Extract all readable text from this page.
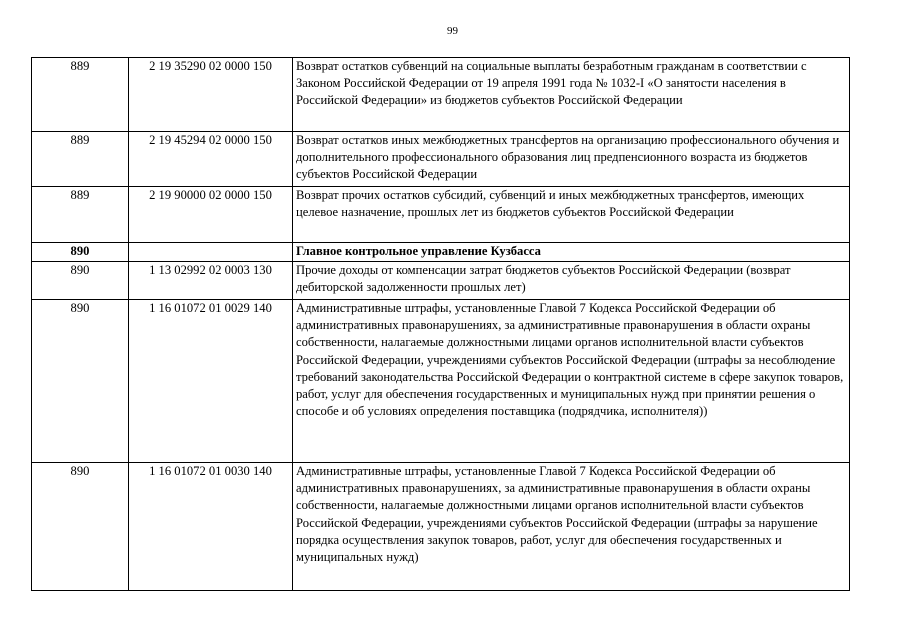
99
889	2 19 35290 02 0000 150	Возврат остатков субвенций на социальные выплаты безработным гражданам в соответствии с Законом Российской Федерации от 19 апреля 1991 года № 1032-I «О занятости населения в Российской Федерации» из бюджетов субъектов Российской Федерации
889	2 19 45294 02 0000 150	Возврат остатков иных межбюджетных трансфертов на организацию профессионального обучения и дополнительного профессионального образования лиц предпенсионного возраста из бюджетов субъектов Российской Федерации
889	2 19 90000 02 0000 150	Возврат прочих остатков субсидий, субвенций и иных межбюджетных трансфертов, имеющих целевое назначение, прошлых лет из бюджетов субъектов Российской Федерации
890		Главное контрольное управление Кузбасса
890	1 13 02992 02 0003 130	Прочие доходы от компенсации затрат бюджетов субъектов Российской Федерации (возврат дебиторской задолженности прошлых лет)
890	1 16 01072 01 0029 140	Административные штрафы, установленные Главой 7 Кодекса Российской Федерации об административных правонарушениях, за административные правонарушения в области охраны собственности, налагаемые должностными лицами органов исполнительной власти субъектов Российской Федерации, учреждениями субъектов Российской Федерации (штрафы за несоблюдение требований законодательства Российской Федерации о контрактной системе в сфере закупок товаров, работ, услуг для обеспечения государственных и муниципальных нужд при принятии решения о способе и об условиях определения поставщика (подрядчика, исполнителя))
890	1 16 01072 01 0030 140	Административные штрафы, установленные Главой 7 Кодекса Российской Федерации об административных правонарушениях, за административные правонарушения в области охраны собственности, налагаемые должностными лицами органов исполнительной власти субъектов Российской Федерации, учреждениями субъектов Российской Федерации (штрафы за нарушение порядка осуществления закупок товаров, работ, услуг для обеспечения государственных и муниципальных нужд)
